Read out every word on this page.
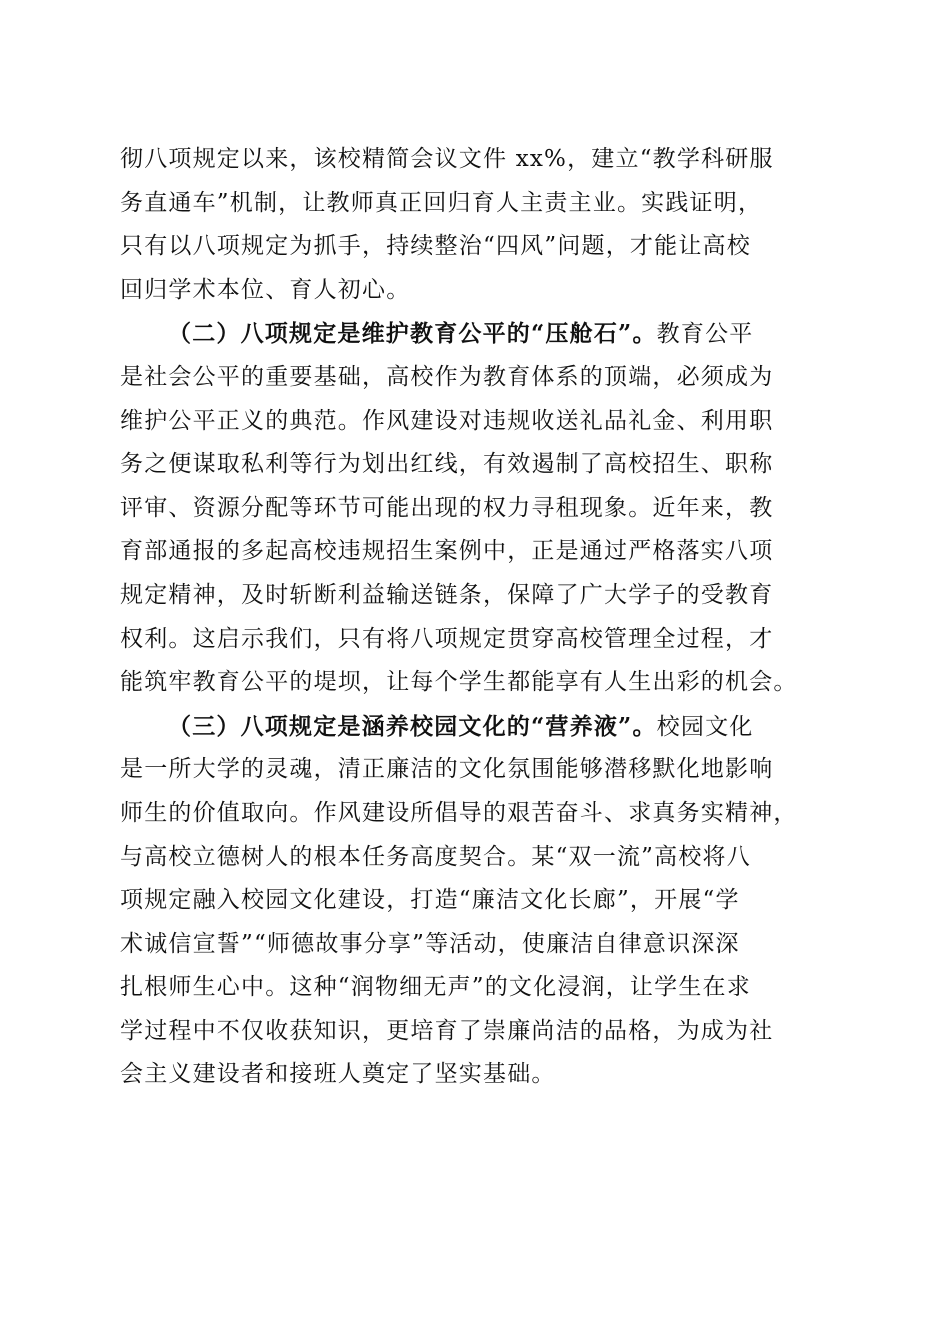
彻八项规定以来，该校精简会议文件 xx%，建立“教学科研服
务直通车”机制，让教师真正回归育人主责主业。实践证明，
只有以八项规定为抓手，持续整治“四风”问题，才能让高校
回归学术本位、育人初心。
（二）八项规定是维护教育公平的“压舱石”。教育公平
是社会公平的重要基础，高校作为教育体系的顶端，必须成为
维护公平正义的典范。作风建设对违规收送礼品礼金、利用职
务之便谋取私利等行为划出红线，有效遏制了高校招生、职称
评审、资源分配等环节可能出现的权力寻租现象。近年来，教
育部通报的多起高校违规招生案例中，正是通过严格落实八项
规定精神，及时斩断利益输送链条，保障了广大学子的受教育
权利。这启示我们，只有将八项规定贯穿高校管理全过程，才
能筑牢教育公平的堤坝，让每个学生都能享有人生出彩的机会。
（三）八项规定是涵养校园文化的“营养液”。校园文化
是一所大学的灵魂，清正廉洁的文化氛围能够潜移默化地影响
师生的价值取向。作风建设所倡导的艰苦奋斗、求真务实精神，
与高校立德树人的根本任务高度契合。某“双一流”高校将八
项规定融入校园文化建设，打造“廉洁文化长廊”，开展“学
术诚信宣誓”“师德故事分享”等活动，使廉洁自律意识深深
扎根师生心中。这种“润物细无声”的文化浸润，让学生在求
学过程中不仅收获知识，更培育了崇廉尚洁的品格，为成为社
会主义建设者和接班人奠定了坚实基础。
